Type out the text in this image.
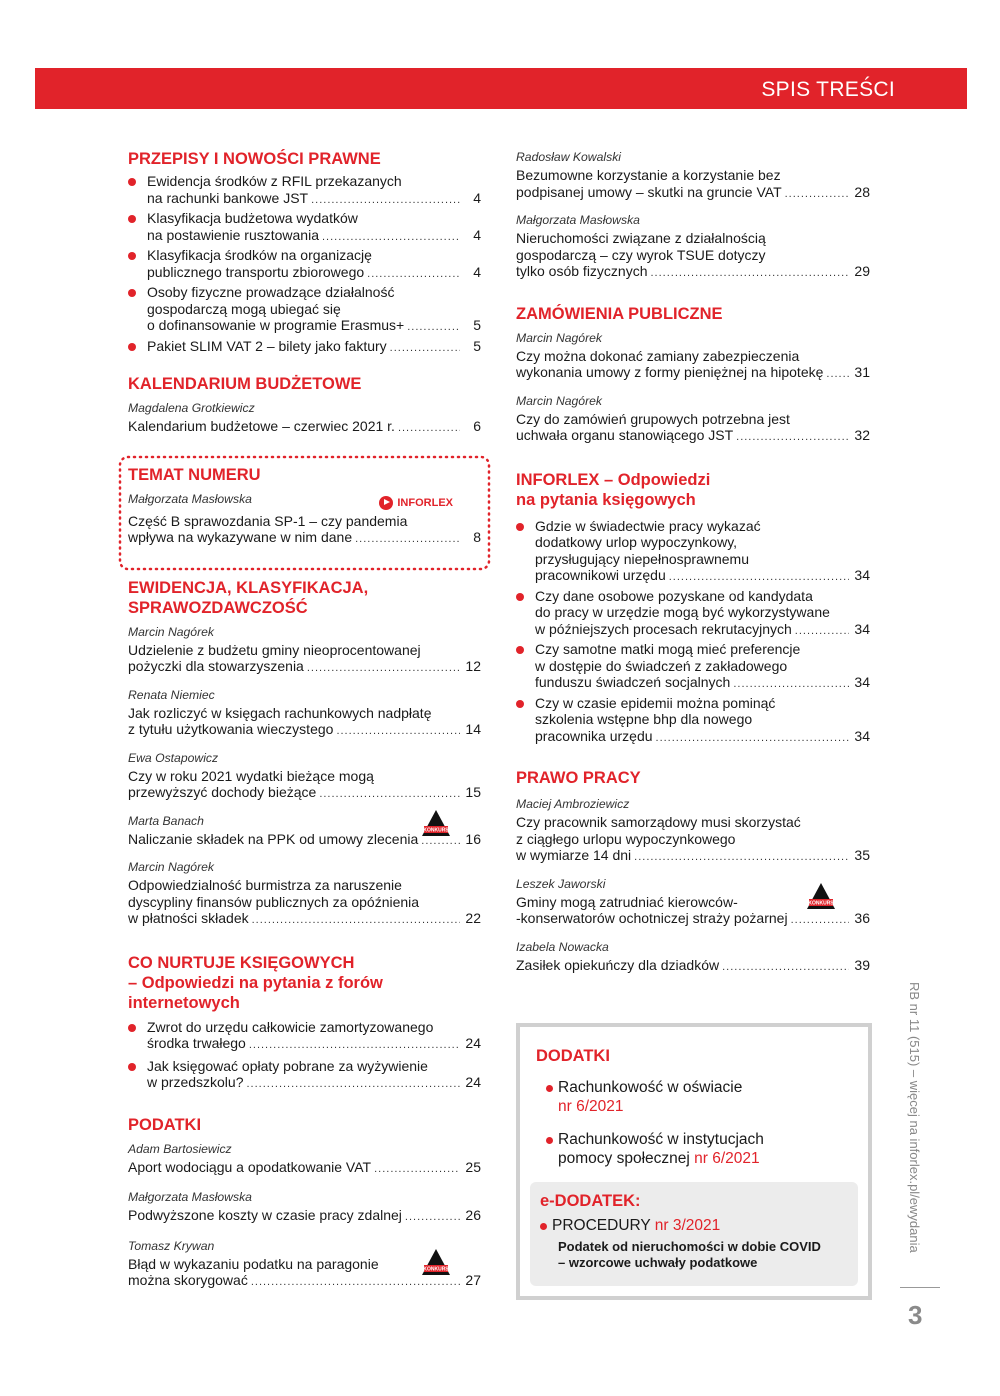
SPIS TREŚCI
PRZEPISY I NOWOŚCI PRAWNE
Ewidencja środków z RFIL przekazanych
na rachunki bankowe JST .....	4
Klasyfikacja budżetowa wydatków
na postawienie rusztowania .....	4
Klasyfikacja środków na organizację
publicznego transportu zbiorowego .....	4
Osoby fizyczne prowadzące działalność
gospodarczą mogą ubiegać się
o dofinansowanie w programie Erasmus+ .....	5
Pakiet SLIM VAT 2 – bilety jako faktury .....	5
KALENDARIUM BUDŻETOWE
Magdalena Grotkiewicz
Kalendarium budżetowe – czerwiec 2021 r. .....	6
TEMAT NUMERU
Małgorzata Masłowska	INFORLEX
Część B sprawozdania SP-1 – czy pandemia
wpływa na wykazywane w nim dane .....	8
EWIDENCJA, KLASYFIKACJA,
SPRAWOZDAWCZOŚĆ
Marcin Nagórek
Udzielenie z budżetu gminy nieoprocentowanej
pożyczki dla stowarzyszenia .....	12
Renata Niemiec
Jak rozliczyć w księgach rachunkowych nadpłatę
z tytułu użytkowania wieczystego .....	14
Ewa Ostapowicz
Czy w roku 2021 wydatki bieżące mogą
przewyższyć dochody bieżące .....	15
Marta Banach
KONKURS
Naliczanie składek na PPK od umowy zlecenia .....	16
Marcin Nagórek
Odpowiedzialność burmistrza za naruszenie
dyscypliny finansów publicznych za opóźnienia
w płatności składek .....	22
CO NURTUJE KSIĘGOWYCH
– Odpowiedzi na pytania z forów
internetowych
Zwrot do urzędu całkowicie zamortyzowanego
środka trwałego .....	24
Jak księgować opłaty pobrane za wyżywienie
w przedszkolu? .....	24
PODATKI
Adam Bartosiewicz
Aport wodociągu a opodatkowanie VAT .....	25
Małgorzata Masłowska
Podwyższone koszty w czasie pracy zdalnej .....	26
Tomasz Krywan
KONKURS
Błąd w wykazaniu podatku na paragonie
można skorygować .....	27
Radosław Kowalski
Bezumowne korzystanie a korzystanie bez
podpisanej umowy – skutki na gruncie VAT .....	28
Małgorzata Masłowska
Nieruchomości związane z działalnością
gospodarczą – czy wyrok TSUE dotyczy
tylko osób fizycznych .....	29
ZAMÓWIENIA PUBLICZNE
Marcin Nagórek
Czy można dokonać zamiany zabezpieczenia
wykonania umowy z formy pieniężnej na hipotekę ..... 31
Marcin Nagórek
Czy do zamówień grupowych potrzebna jest
uchwała organu stanowiącego JST .....	32
INFORLEX – Odpowiedzi
na pytania księgowych
Gdzie w świadectwie pracy wykazać
dodatkowy urlop wypoczynkowy,
przysługujący niepełnosprawnemu
pracownikowi urzędu .....	34
Czy dane osobowe pozyskane od kandydata
do pracy w urzędzie mogą być wykorzystywane
w późniejszych procesach rekrutacyjnych .....	34
Czy samotne matki mogą mieć preferencje
w dostępie do świadczeń z zakładowego
funduszu świadczeń socjalnych .....	34
Czy w czasie epidemii można pominąć
szkolenia wstępne bhp dla nowego
pracownika urzędu .....	34
PRAWO PRACY
Maciej Ambroziewicz
Czy pracownik samorządowy musi skorzystać
z ciągłego urlopu wypoczynkowego
w wymiarze 14 dni .....	35
Leszek Jaworski
KONKURS
Gminy mogą zatrudniać kierowców-
-konserwatorów ochotniczej straży pożarnej .....	36
Izabela Nowacka
Zasiłek opiekuńczy dla dziadków .....	39
DODATKI
Rachunkowość w oświacie
nr 6/2021
Rachunkowość w instytucjach
pomocy społecznej nr 6/2021
e-DODATEK:
PROCEDURY nr 3/2021
Podatek od nieruchomości w dobie COVID
– wzorcowe uchwały podatkowe
RB nr 11 (515) – więcej na inforlex.pl/ewydania
3
